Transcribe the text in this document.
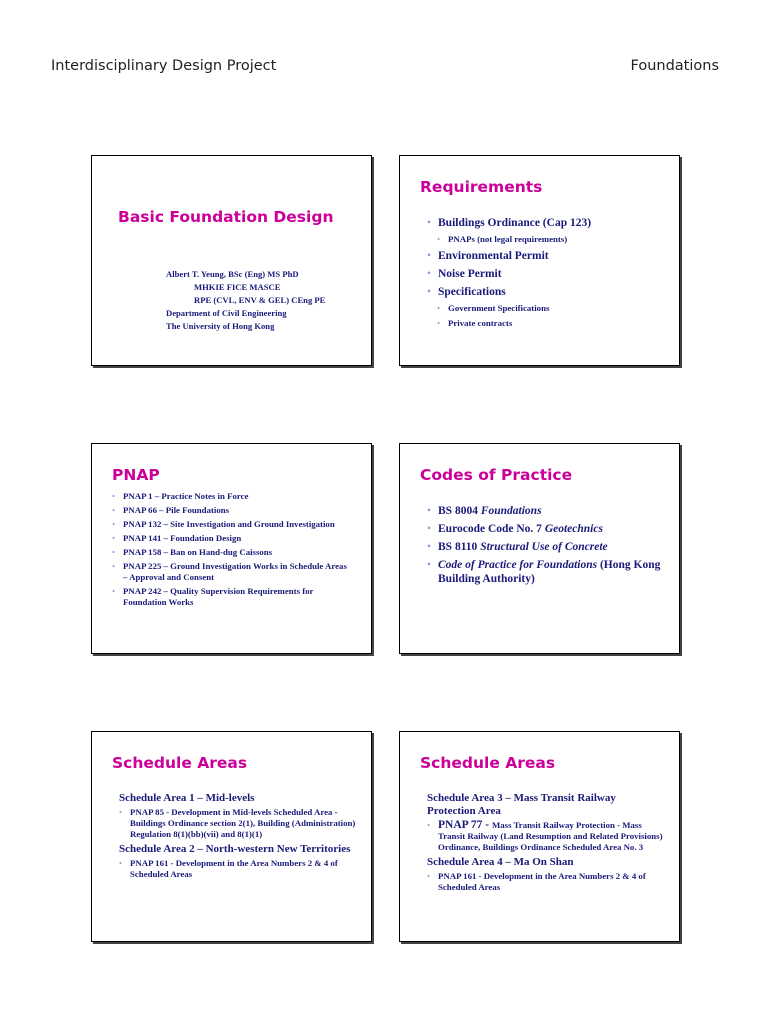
Interdisciplinary Design Project	Foundations
Basic Foundation Design
Albert T. Yeung, BSc (Eng) MS PhD
MHKIE FICE MASCE
RPE (CVL, ENV & GEL) CEng PE
Department of Civil Engineering
The University of Hong Kong
Requirements
• Buildings Ordinance (Cap 123)
• PNAPs (not legal requirements)
• Environmental Permit
• Noise Permit
• Specifications
• Government Specifications
• Private contracts
PNAP
• PNAP 1 – Practice Notes in Force
• PNAP 66 – Pile Foundations
• PNAP 132 – Site Investigation and Ground Investigation
• PNAP 141 – Foundation Design
• PNAP 158 – Ban on Hand-dug Caissons
• PNAP 225 – Ground Investigation Works in Schedule Areas – Approval and Consent
• PNAP 242 – Quality Supervision Requirements for Foundation Works
Codes of Practice
• BS 8004 Foundations
• Eurocode Code No. 7 Geotechnics
• BS 8110 Structural Use of Concrete
• Code of Practice for Foundations (Hong Kong Building Authority)
Schedule Areas
Schedule Area 1 – Mid-levels
• PNAP 85 - Development in Mid-levels Scheduled Area - Buildings Ordinance section 2(1), Building (Administration) Regulation 8(1)(bb)(vii) and 8(1)(1)
Schedule Area 2 – North-western New Territories
• PNAP 161 - Development in the Area Numbers 2 & 4 of Scheduled Areas
Schedule Areas
Schedule Area 3 – Mass Transit Railway Protection Area
• PNAP 77 - Mass Transit Railway Protection - Mass Transit Railway (Land Resumption and Related Provisions) Ordinance, Buildings Ordinance Scheduled Area No. 3
Schedule Area 4 – Ma On Shan
• PNAP 161 - Development in the Area Numbers 2 & 4 of Scheduled Areas
